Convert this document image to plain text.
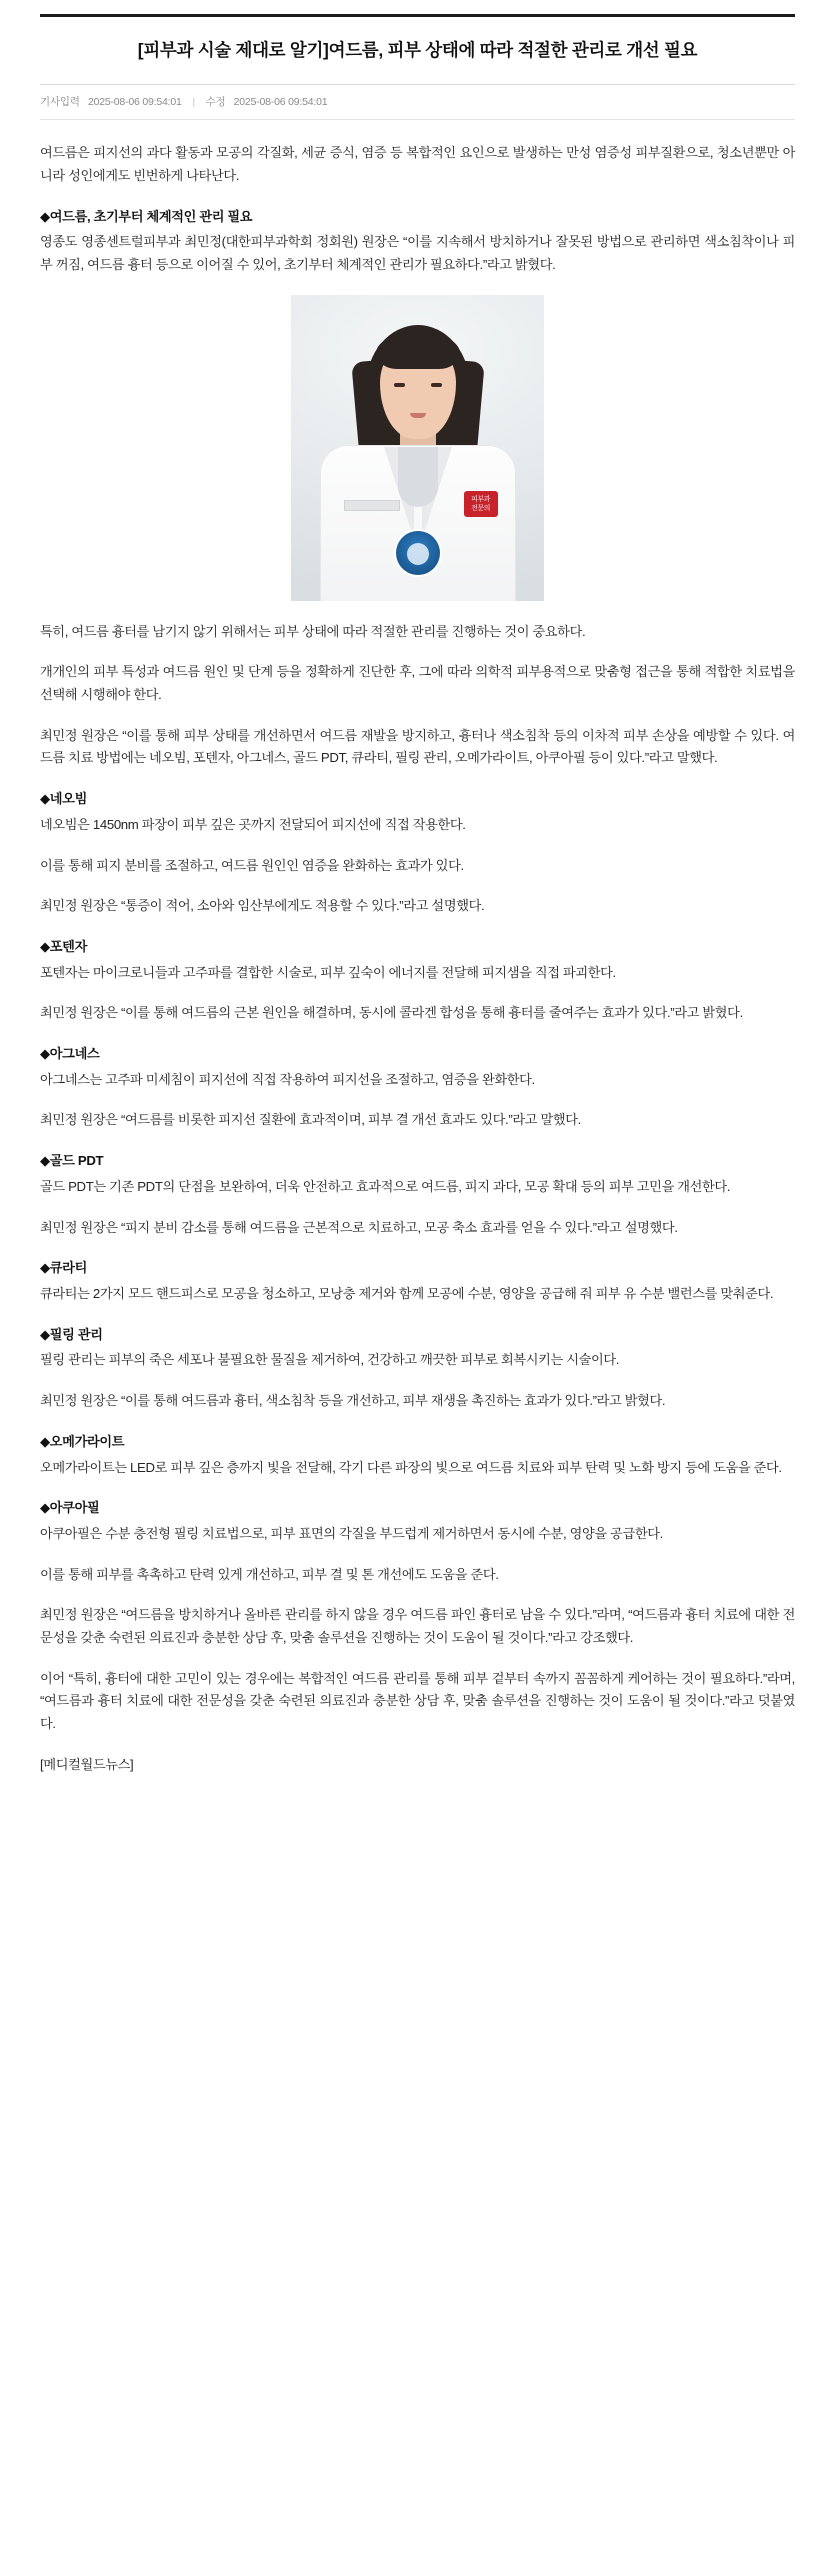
[피부과 시술 제대로 알기]여드름, 피부 상태에 따라 적절한 관리로 개선 필요
기사입력 2025-08-06 09:54:01 | 수정 2025-08-06 09:54:01

여드름은 피지선의 과다 활동과 모공의 각질화, 세균 증식, 염증 등 복합적인 요인으로 발생하는 만성 염증성 피부질환으로, 청소년뿐만 아니라 성인에게도 빈번하게 나타난다.

◆여드름, 초기부터 체계적인 관리 필요

영종도 영종센트럴피부과 최민정(대한피부과학회 정회원) 원장은 “이를 지속해서 방치하거나 잘못된 방법으로 관리하면 색소침착이나 피부 꺼짐, 여드름 흉터 등으로 이어질 수 있어, 초기부터 체계적인 관리가 필요하다.”라고 밝혔다.

피부과
전문의

특히, 여드름 흉터를 남기지 않기 위해서는 피부 상태에 따라 적절한 관리를 진행하는 것이 중요하다.

개개인의 피부 특성과 여드름 원인 및 단계 등을 정확하게 진단한 후, 그에 따라 의학적 피부용적으로 맞춤형 접근을 통해 적합한 치료법을 선택해 시행해야 한다.

최민정 원장은 “이를 통해 피부 상태를 개선하면서 여드름 재발을 방지하고, 흉터나 색소침착 등의 이차적 피부 손상을 예방할 수 있다. 여드름 치료 방법에는 네오빔, 포텐자, 아그네스, 골드 PDT, 큐라티, 필링 관리, 오메가라이트, 아쿠아필 등이 있다.”라고 말했다.

◆네오빔

네오빔은 1450nm 파장이 피부 깊은 곳까지 전달되어 피지선에 직접 작용한다.

이를 통해 피지 분비를 조절하고, 여드름 원인인 염증을 완화하는 효과가 있다.

최민정 원장은 “통증이 적어, 소아와 임산부에게도 적용할 수 있다.”라고 설명했다.

◆포텐자

포텐자는 마이크로니들과 고주파를 결합한 시술로, 피부 깊숙이 에너지를 전달해 피지샘을 직접 파괴한다.

최민정 원장은 “이를 통해 여드름의 근본 원인을 해결하며, 동시에 콜라겐 합성을 통해 흉터를 줄여주는 효과가 있다.”라고 밝혔다.

◆아그네스

아그네스는 고주파 미세침이 피지선에 직접 작용하여 피지선을 조절하고, 염증을 완화한다.

최민정 원장은 “여드름를 비롯한 피지선 질환에 효과적이며, 피부 결 개선 효과도 있다.”라고 말했다.

◆골드 PDT

골드 PDT는 기존 PDT의 단점을 보완하여, 더욱 안전하고 효과적으로 여드름, 피지 과다, 모공 확대 등의 피부 고민을 개선한다.

최민정 원장은 “피지 분비 감소를 통해 여드름을 근본적으로 치료하고, 모공 축소 효과를 얻을 수 있다.”라고 설명했다.

◆큐라티

큐라티는 2가지 모드 핸드피스로 모공을 청소하고, 모낭충 제거와 함께 모공에 수분, 영양을 공급해 줘 피부 유 수분 밸런스를 맞춰준다.

◆필링 관리

필링 관리는 피부의 죽은 세포나 불필요한 물질을 제거하여, 건강하고 깨끗한 피부로 회복시키는 시술이다.

최민정 원장은 “이를 통해 여드름과 흉터, 색소침착 등을 개선하고, 피부 재생을 촉진하는 효과가 있다.”라고 밝혔다.

◆오메가라이트

오메가라이트는 LED로 피부 깊은 층까지 빛을 전달해, 각기 다른 파장의 빛으로 여드름 치료와 피부 탄력 및 노화 방지 등에 도움을 준다.

◆아쿠아필

아쿠아필은 수분 충전형 필링 치료법으로, 피부 표면의 각질을 부드럽게 제거하면서 동시에 수분, 영양을 공급한다.

이를 통해 피부를 촉촉하고 탄력 있게 개선하고, 피부 결 및 톤 개선에도 도움을 준다.

최민정 원장은 “여드름을 방치하거나 올바른 관리를 하지 않을 경우 여드름 파인 흉터로 남을 수 있다.”라며, “여드름과 흉터 치료에 대한 전문성을 갖춘 숙련된 의료진과 충분한 상담 후, 맞춤 솔루션을 진행하는 것이 도움이 될 것이다.”라고 강조했다.

이어 “특히, 흉터에 대한 고민이 있는 경우에는 복합적인 여드름 관리를 통해 피부 겉부터 속까지 꼼꼼하게 케어하는 것이 필요하다.”라며, “여드름과 흉터 치료에 대한 전문성을 갖춘 숙련된 의료진과 충분한 상담 후, 맞춤 솔루션을 진행하는 것이 도움이 될 것이다.”라고 덧붙였다.

[메디컬월드뉴스]
